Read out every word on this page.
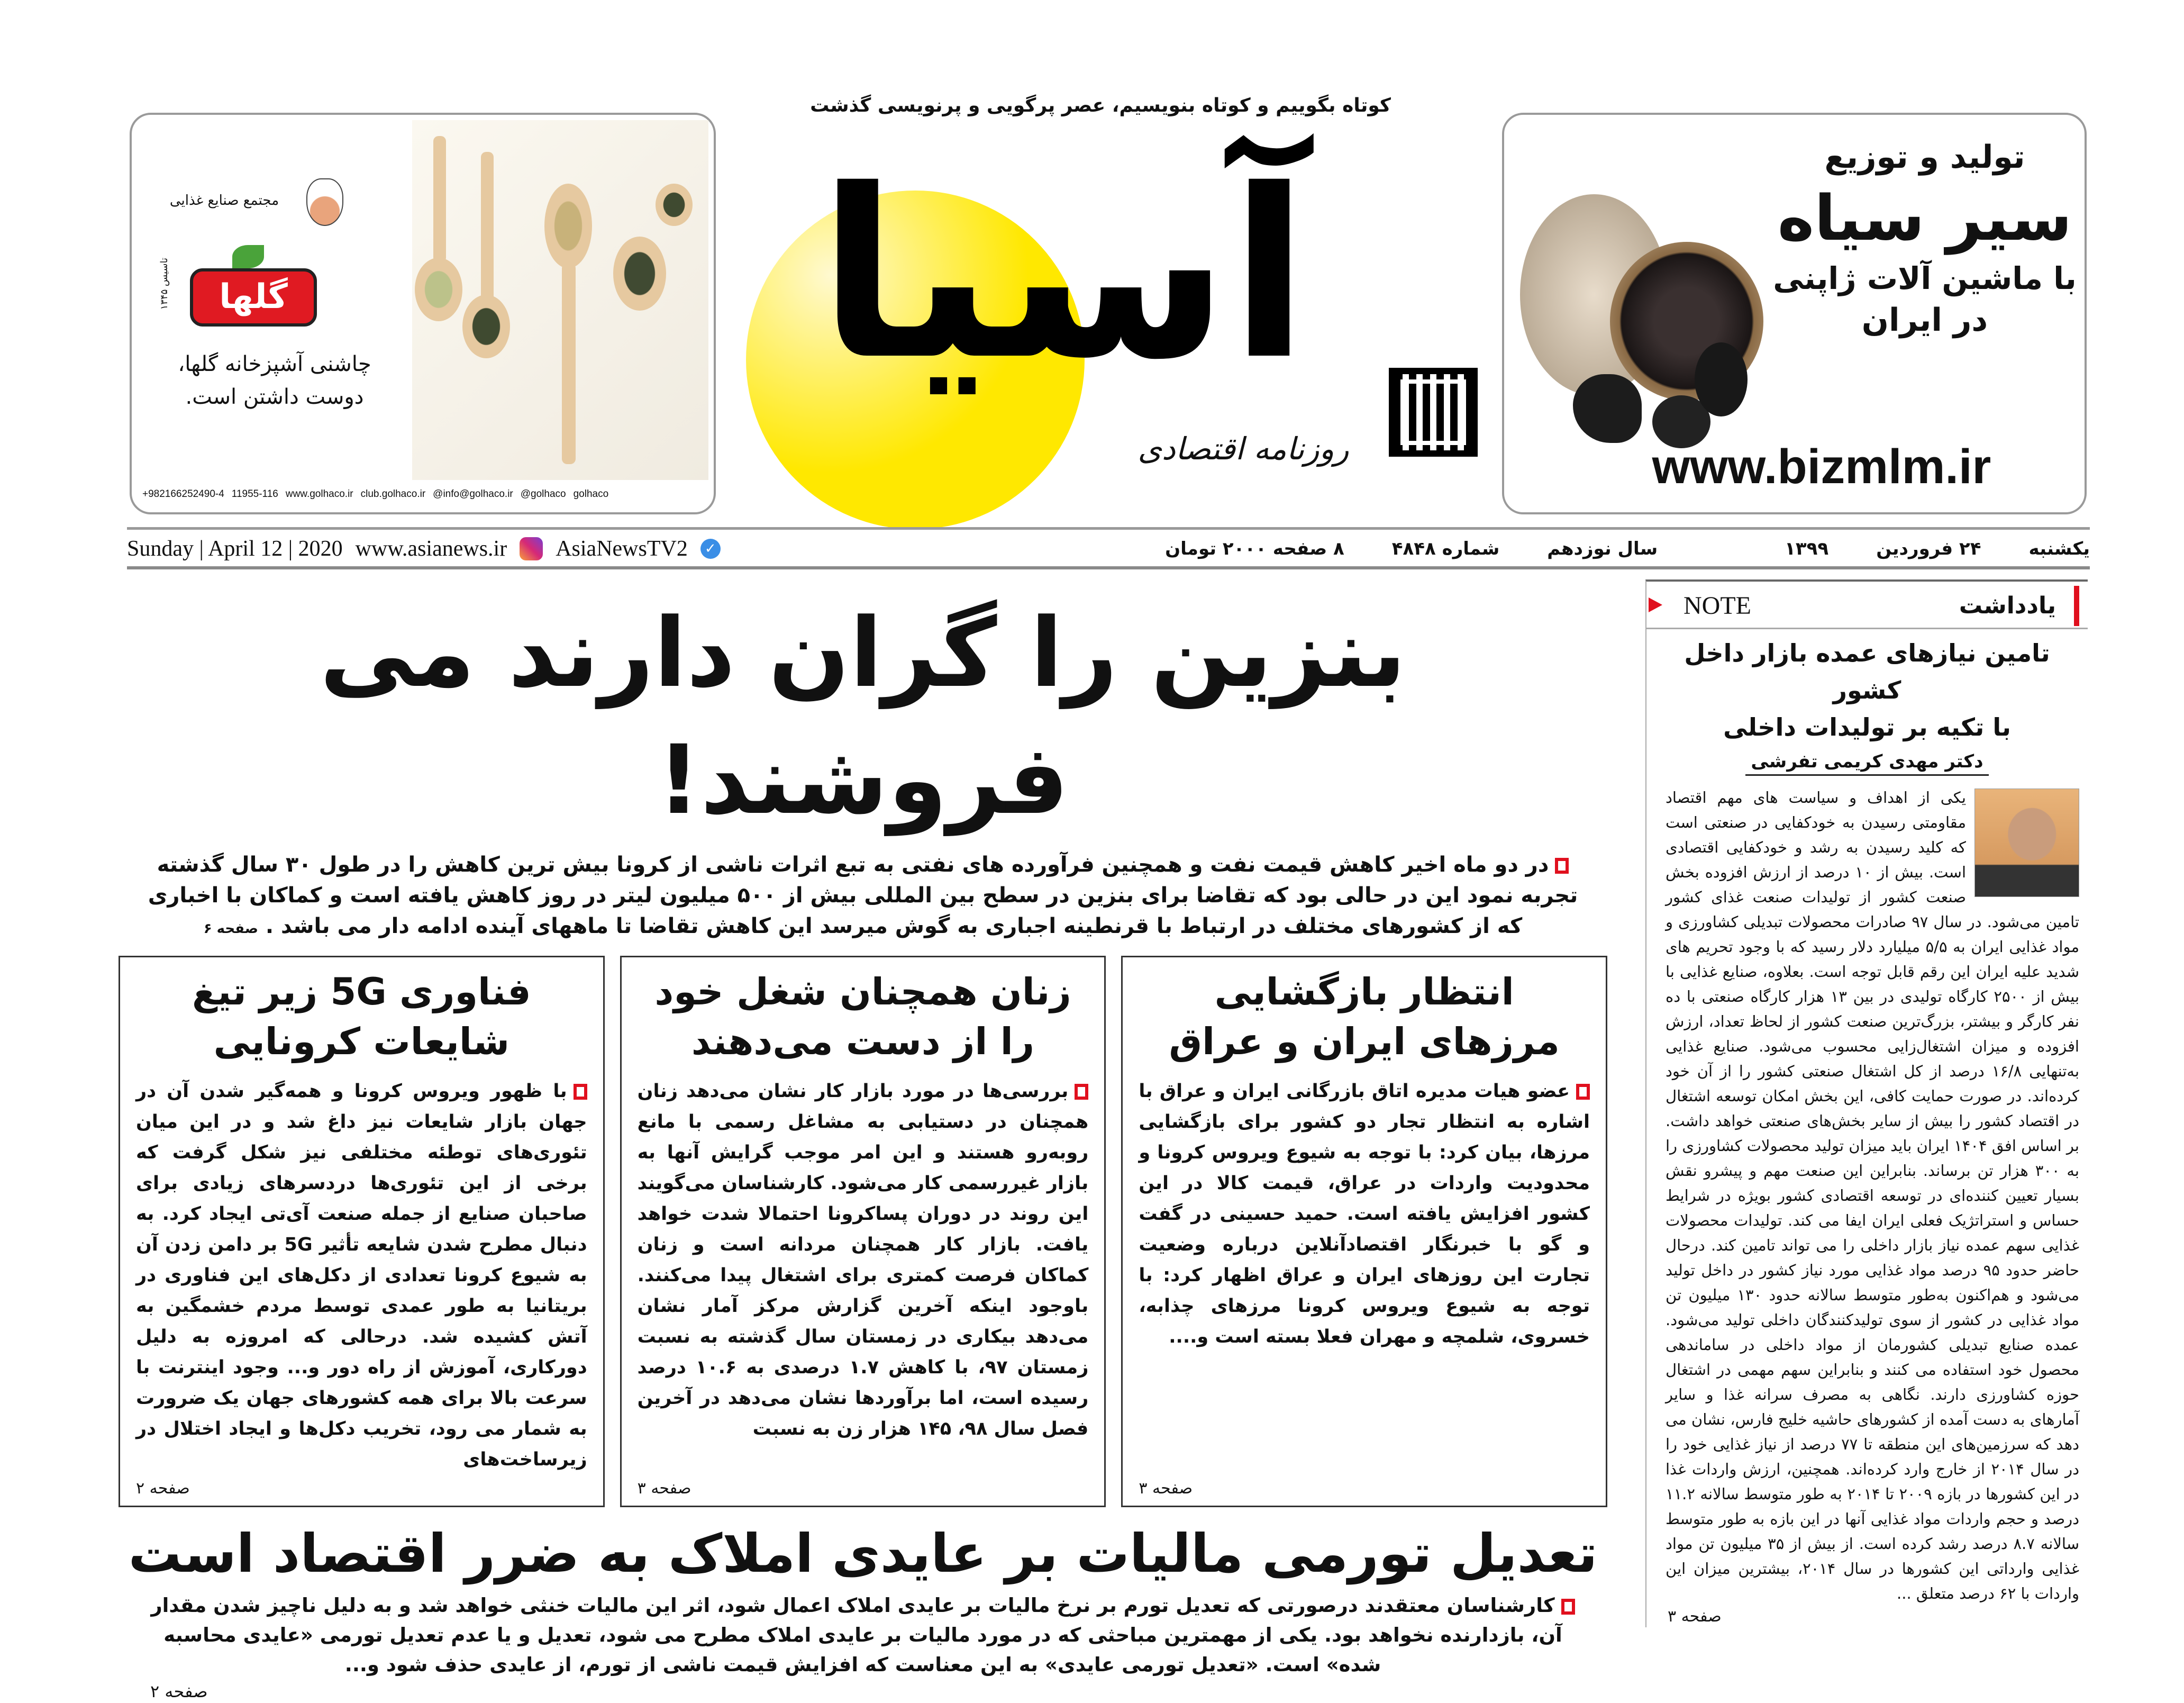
تولید و توزیع
سیر سیاه
با ماشین آلات ژاپنی
در ایران
www.bizmlm.ir
مجتمع صنایع غذایی
گلها
تاسیس ۱۳۴۵
چاشنی آشپزخانه گلها،
دوست داشتن است.
+982166252490-4 11955-116 www.golhaco.ir club.golhaco.ir @info@golhaco.ir @golhaco golhaco
کوتاه بگوییم و کوتاه بنویسیم، عصر پرگویی و پرنویسی گذشت
آسیا
روزنامه اقتصادی
یکشنبه
۲۴ فروردین
۱۳۹۹
سال نوزدهم
شماره ۴۸۴۸
۸ صفحه ۲۰۰۰ تومان
Sunday | April 12 | 2020 www.asianews.ir AsiaNewsTV2	✓
بنزین را گران دارند می فروشند!
در دو ماه اخیر کاهش قیمت نفت و همچنین فرآورده های نفتی به تبع اثرات ناشی از کرونا بیش ترین کاهش را در طول ۳۰ سال گذشته تجربه نمود این در حالی بود که تقاضا برای بنزین در سطح بین المللی بیش از ۵۰۰ میلیون لیتر در روز کاهش یافته است و کماکان با اخباری که از کشورهای مختلف در ارتباط با قرنطینه اجباری به گوش میرسد این کاهش تقاضا تا ماههای آینده ادامه دار می باشد . صفحه ۶
انتظار بازگشایی مرزهای ایران و عراق

عضو هیات مدیره اتاق بازرگانی ایران و عراق با اشاره به انتظار تجار دو کشور برای بازگشایی مرزها، بیان کرد: با توجه به شیوع ویروس کرونا و محدودیت واردات در عراق، قیمت کالا در این کشور افزایش یافته است. حمید حسینی در گفت و گو با خبرنگار اقتصادآنلاین درباره وضعیت تجارت این روزهای ایران و عراق اظهار کرد: با توجه به شیوع ویروس کرونا مرزهای چذابه، خسروی، شلمچه و مهران فعلا بسته است و....

صفحه ۳
زنان همچنان شغل خود را از دست می‌دهند

بررسی‌ها در مورد بازار کار نشان می‌دهد زنان همچنان در دستیابی به مشاغل رسمی با مانع روبه‌رو هستند و این امر موجب گرایش آنها به بازار غیررسمی کار می‌شود. کارشناسان می‌گویند این روند در دوران پساکرونا احتمالا شدت خواهد یافت. بازار کار همچنان مردانه است و زنان کماکان فرصت کمتری برای اشتغال پیدا می‌کنند. باوجود اینکه آخرین گزارش مرکز آمار نشان می‌دهد بیکاری در زمستان سال گذشته به نسبت زمستان ۹۷، با کاهش ۱.۷ درصدی به ۱۰.۶ درصد رسیده است، اما برآوردها نشان می‌دهد در آخرین فصل سال ۹۸، ۱۴۵ هزار زن به نسبت

صفحه ۳
فناوری 5G زیر تیغ شایعات کرونایی

با ظهور ویروس کرونا و همه‌گیر شدن آن در جهان بازار شایعات نیز داغ شد و در این میان تئوری‌های توطئه مختلفی نیز شکل گرفت که برخی از این تئوری‌ها دردسرهای زیادی برای صاحبان صنایع از جمله صنعت آی‌تی ایجاد کرد. به دنبال مطرح شدن شایعه تأثیر 5G بر دامن زدن آن به شیوع کرونا تعدادی از دکل‌های این فناوری در بریتانیا به طور عمدی توسط مردم خشمگین به آتش کشیده شد. درحالی که امروزه به دلیل دورکاری، آموزش از راه دور و... وجود اینترنت با سرعت بالا برای همه کشورهای جهان یک ضرورت به شمار می رود، تخریب دکل‌ها و ایجاد اختلال در زیرساخت‌های

صفحه ۲
تعدیل تورمی مالیات بر عایدی املاک به ضرر اقتصاد است
کارشناسان معتقدند درصورتی که تعدیل تورم بر نرخ مالیات بر عایدی املاک اعمال شود، اثر این مالیات خنثی خواهد شد و به دلیل ناچیز شدن مقدار آن، بازدارنده نخواهد بود. یکی از مهمترین مباحثی که در مورد مالیات بر عایدی املاک مطرح می شود، تعدیل و یا عدم تعدیل تورمی «عایدی محاسبه شده» است. «تعدیل تورمی عایدی» به این معناست که افزایش قیمت ناشی از تورم، از عایدی حذف شود و...
صفحه ۲
NOTE	یادداشت
تامین نیازهای عمده بازار داخل کشور
با تکیه بر تولیدات داخلی
دکتر مهدی کریمی تفرشی
یکی از اهداف و سیاست های مهم اقتصاد مقاومتی رسیدن به خودکفایی در صنعتی است که کلید رسیدن به رشد و خودکفایی اقتصادی است. بیش از ۱۰ درصد از ارزش افزوده بخش صنعت کشور از تولیدات صنعت غذای کشور تامین می‌شود. در سال ۹۷ صادرات محصولات تبدیلی کشاورزی و مواد غذایی ایران به ۵/۵ میلیارد دلار رسید که با وجود تحریم های شدید علیه ایران این رقم قابل توجه است. بعلاوه، صنایع غذایی با بیش از ۲۵۰۰ کارگاه تولیدی در بین ۱۳ هزار کارگاه صنعتی با ده نفر کارگر و بیشتر، بزرگ‌ترین صنعت کشور از لحاظ تعداد، ارزش افزوده و میزان اشتغال‌زایی محسوب می‌شود. صنایع غذایی به‌تنهایی ۱۶/۸ درصد از کل اشتغال صنعتی کشور را از آن خود کرده‌اند. در صورت حمایت کافی، این بخش امکان توسعه اشتغال در اقتصاد کشور را بیش از سایر بخش‌های صنعتی خواهد داشت. بر اساس افق ۱۴۰۴ ایران باید میزان تولید محصولات کشاورزی را به ۳۰۰ هزار تن برساند. بنابراین این صنعت مهم و پیشرو نقش بسیار تعیین کننده‌ای در توسعه اقتصادی کشور بویژه در شرایط حساس و استراتژیک فعلی ایران ایفا می کند. تولیدات محصولات غذایی سهم عمده نیاز بازار داخلی را می تواند تامین کند. درحال حاضر حدود ۹۵ درصد مواد غذایی مورد نیاز کشور در داخل تولید می‌شود و هم‌اکنون به‌طور متوسط سالانه حدود ۱۳۰ میلیون تن مواد غذایی در کشور از سوی تولیدکنندگان داخلی تولید می‌شود. عمده صنایع تبدیلی کشورمان از مواد داخلی در ساماندهی محصول خود استفاده می کنند و بنابراین سهم مهمی در اشتغال حوزه کشاورزی دارند. نگاهی به مصرف سرانه غذا و سایر آمارهای به دست آمده از کشورهای حاشیه خلیج فارس، نشان می دهد که سرزمین‌های این منطقه تا ۷۷ درصد از نیاز غذایی خود را در سال ۲۰۱۴ از خارج وارد کرده‌اند. همچنین، ارزش واردات غذا در این کشورها در بازه ۲۰۰۹ تا ۲۰۱۴ به طور متوسط سالانه ۱۱.۲ درصد و حجم واردات مواد غذایی آنها در این بازه به طور متوسط سالانه ۸.۷ درصد رشد کرده است. از بیش از ۳۵ میلیون تن مواد غذایی وارداتی این کشورها در سال ۲۰۱۴، بیشترین میزان این واردات با ۶۲ درصد متعلق ...
صفحه ۳
